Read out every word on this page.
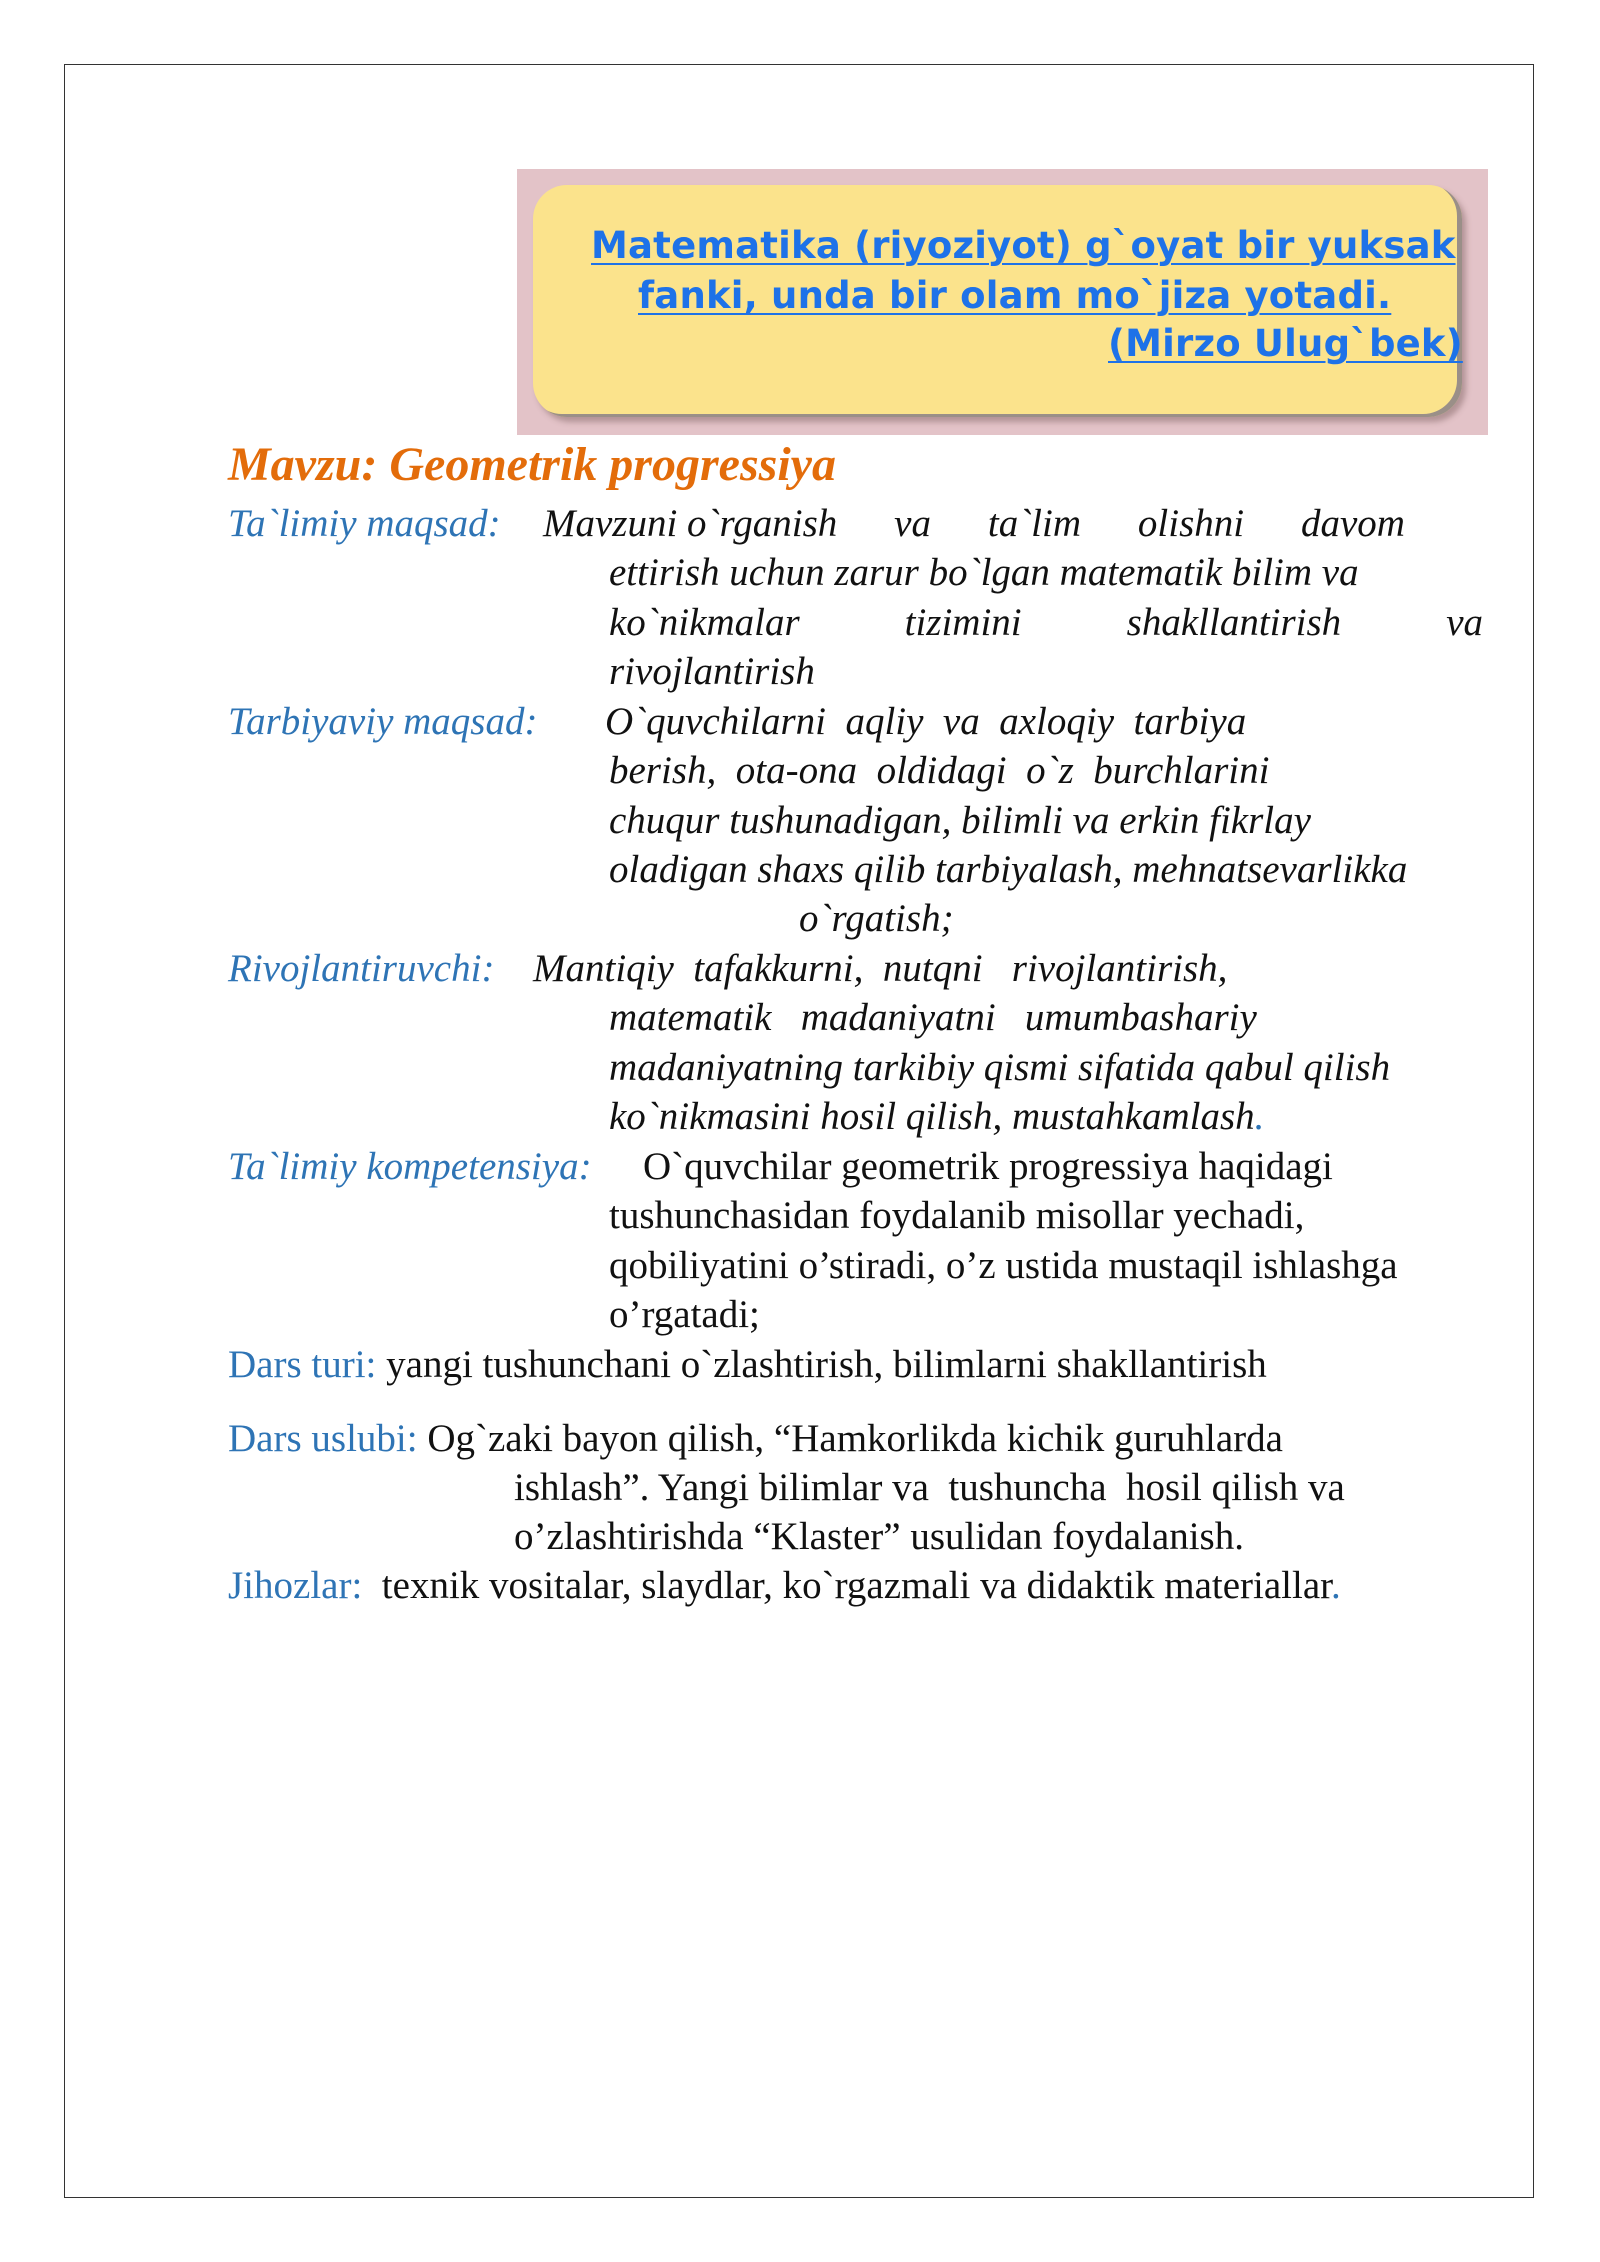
Matematika (riyoziyot) g`oyat bir yuksak
fanki, unda bir olam mo`jiza yotadi.
(Mirzo Ulug`bek)
Mavzu: Geometrik progressiya
Ta`limiy maqsad: Mavzuni o`rganish va ta`lim olishni davom
ettirish uchun zarur bo`lgan matematik bilim va
ko`nikmalar	tizimini	shakllantirish	va
rivojlantirish
Tarbiyaviy maqsad: O`quvchilarni  aqliy  va  axloqiy  tarbiya
berish,  ota-ona  oldidagi  o`z  burchlarini
chuqur tushunadigan, bilimli va erkin fikrlay
oladigan shaxs qilib tarbiyalash, mehnatsevarlikka
o`rgatish;
Rivojlantiruvchi: Mantiqiy  tafakkurni,  nutqni   rivojlantirish,
matematik   madaniyatni   umumbashariy
madaniyatning tarkibiy qismi sifatida qabul qilish
ko`nikmasini hosil qilish, mustahkamlash.
Ta`limiy kompetensiya: O`quvchilar geometrik progressiya haqidagi
tushunchasidan foydalanib misollar yechadi,
qobiliyatini o’stiradi, o’z ustida mustaqil ishlashga
o’rgatadi;
Dars turi: yangi tushunchani o`zlashtirish, bilimlarni shakllantirish
Dars uslubi: Og`zaki bayon qilish, “Hamkorlikda kichik guruhlarda
ishlash”. Yangi bilimlar va  tushuncha  hosil qilish va
o’zlashtirishda “Klaster” usulidan foydalanish.
Jihozlar: texnik vositalar, slaydlar, ko`rgazmali va didaktik materiallar.
